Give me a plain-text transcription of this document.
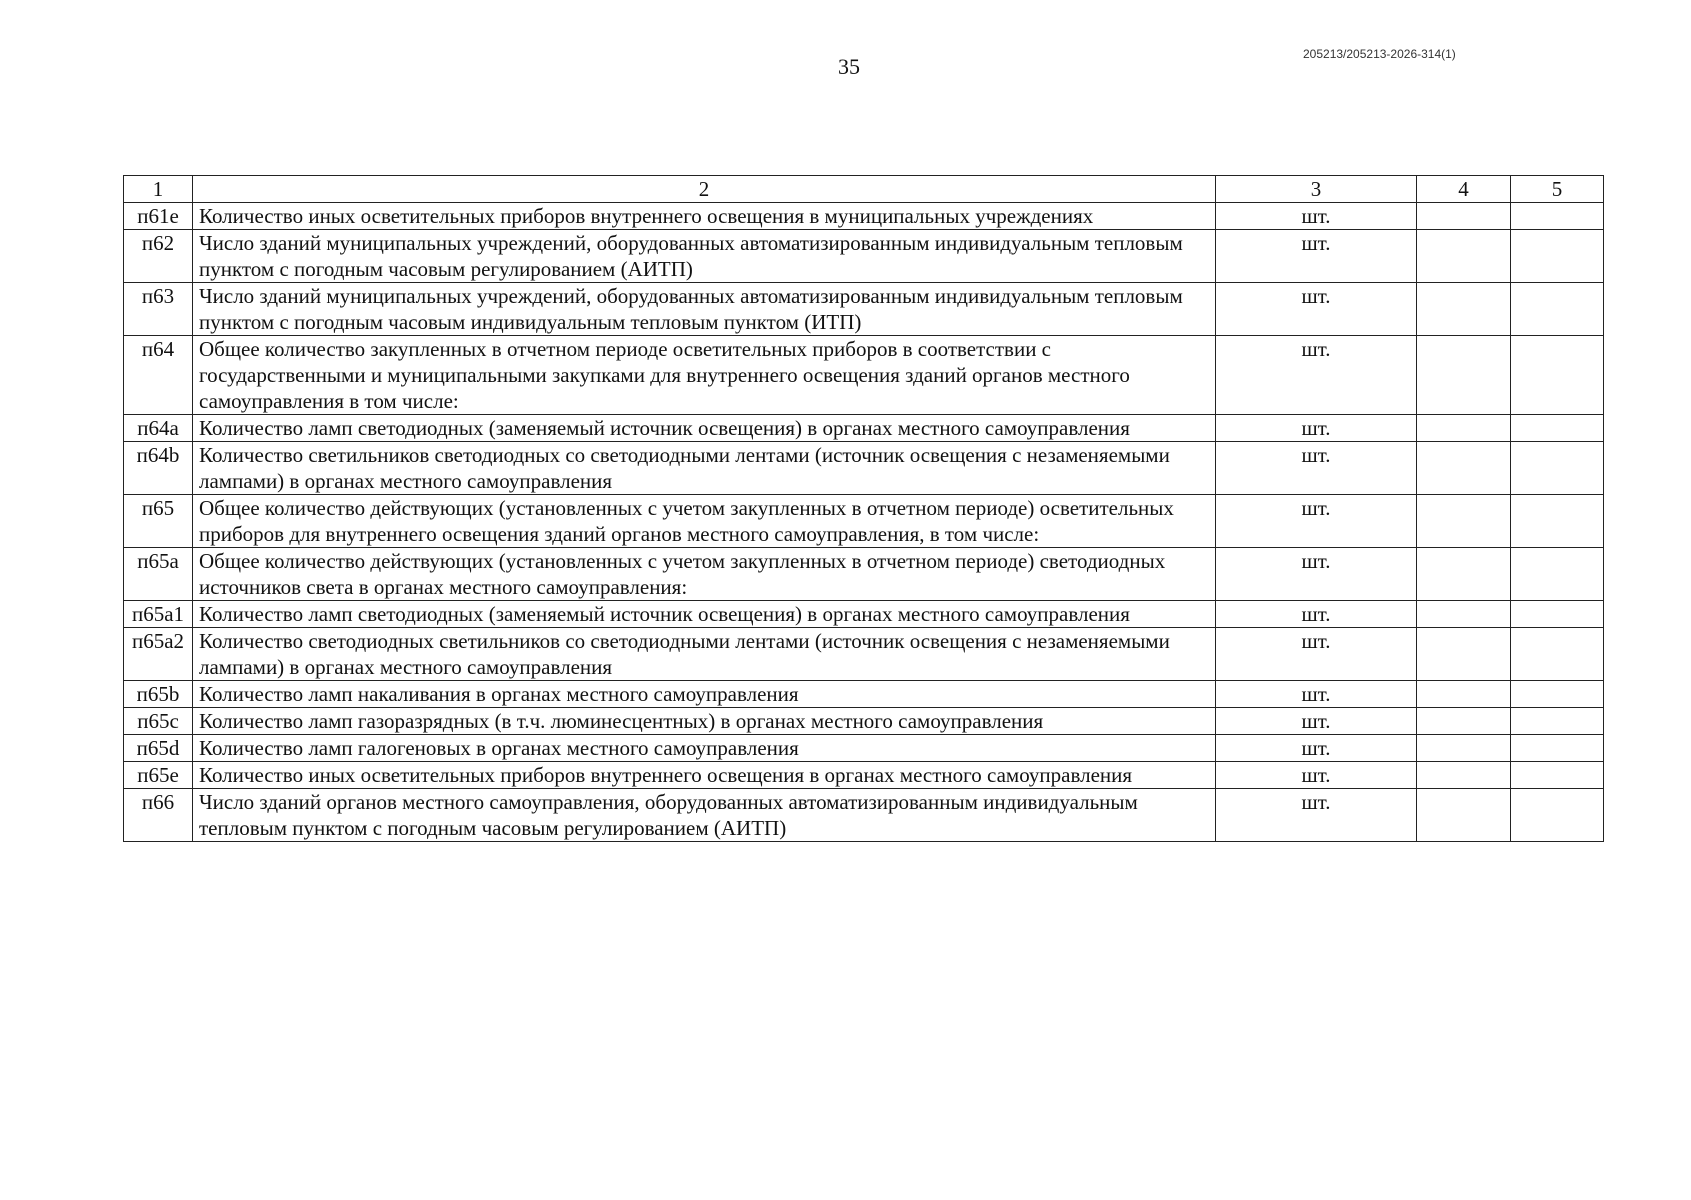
35	205213/205213-2026-314(1)
1	2	3	4	5
п61е	Количество иных осветительных приборов внутреннего освещения в муниципальных учреждениях	шт.		
п62	Число зданий муниципальных учреждений, оборудованных автоматизированным индивидуальным тепловым пунктом с погодным часовым регулированием (АИТП)	шт.		
п63	Число зданий муниципальных учреждений, оборудованных автоматизированным индивидуальным тепловым пунктом с погодным часовым индивидуальным тепловым пунктом (ИТП)	шт.		
п64	Общее количество закупленных в отчетном периоде осветительных приборов в соответствии с государственными и муниципальными закупками для внутреннего освещения зданий органов местного самоуправления в том числе:	шт.		
п64а	Количество ламп светодиодных (заменяемый источник освещения) в органах местного самоуправления	шт.		
п64b	Количество светильников светодиодных со светодиодными лентами (источник освещения с незаменяемыми лампами) в органах местного самоуправления	шт.		
п65	Общее количество действующих (установленных с учетом закупленных в отчетном периоде) осветительных приборов для внутреннего освещения зданий органов местного самоуправления, в том числе:	шт.		
п65а	Общее количество действующих (установленных с учетом закупленных в отчетном периоде) светодиодных источников света в органах местного самоуправления:	шт.		
п65а1	Количество ламп светодиодных (заменяемый источник освещения) в органах местного самоуправления	шт.		
п65а2	Количество светодиодных светильников со светодиодными лентами (источник освещения с незаменяемыми лампами) в органах местного самоуправления	шт.		
п65b	Количество ламп накаливания в органах местного самоуправления	шт.		
п65с	Количество ламп газоразрядных (в т.ч. люминесцентных) в органах местного самоуправления	шт.		
п65d	Количество ламп галогеновых в органах местного самоуправления	шт.		
п65е	Количество иных осветительных приборов внутреннего освещения в органах местного самоуправления	шт.		
п66	Число зданий органов местного самоуправления, оборудованных автоматизированным индивидуальным тепловым пунктом с погодным часовым регулированием (АИТП)	шт.		
